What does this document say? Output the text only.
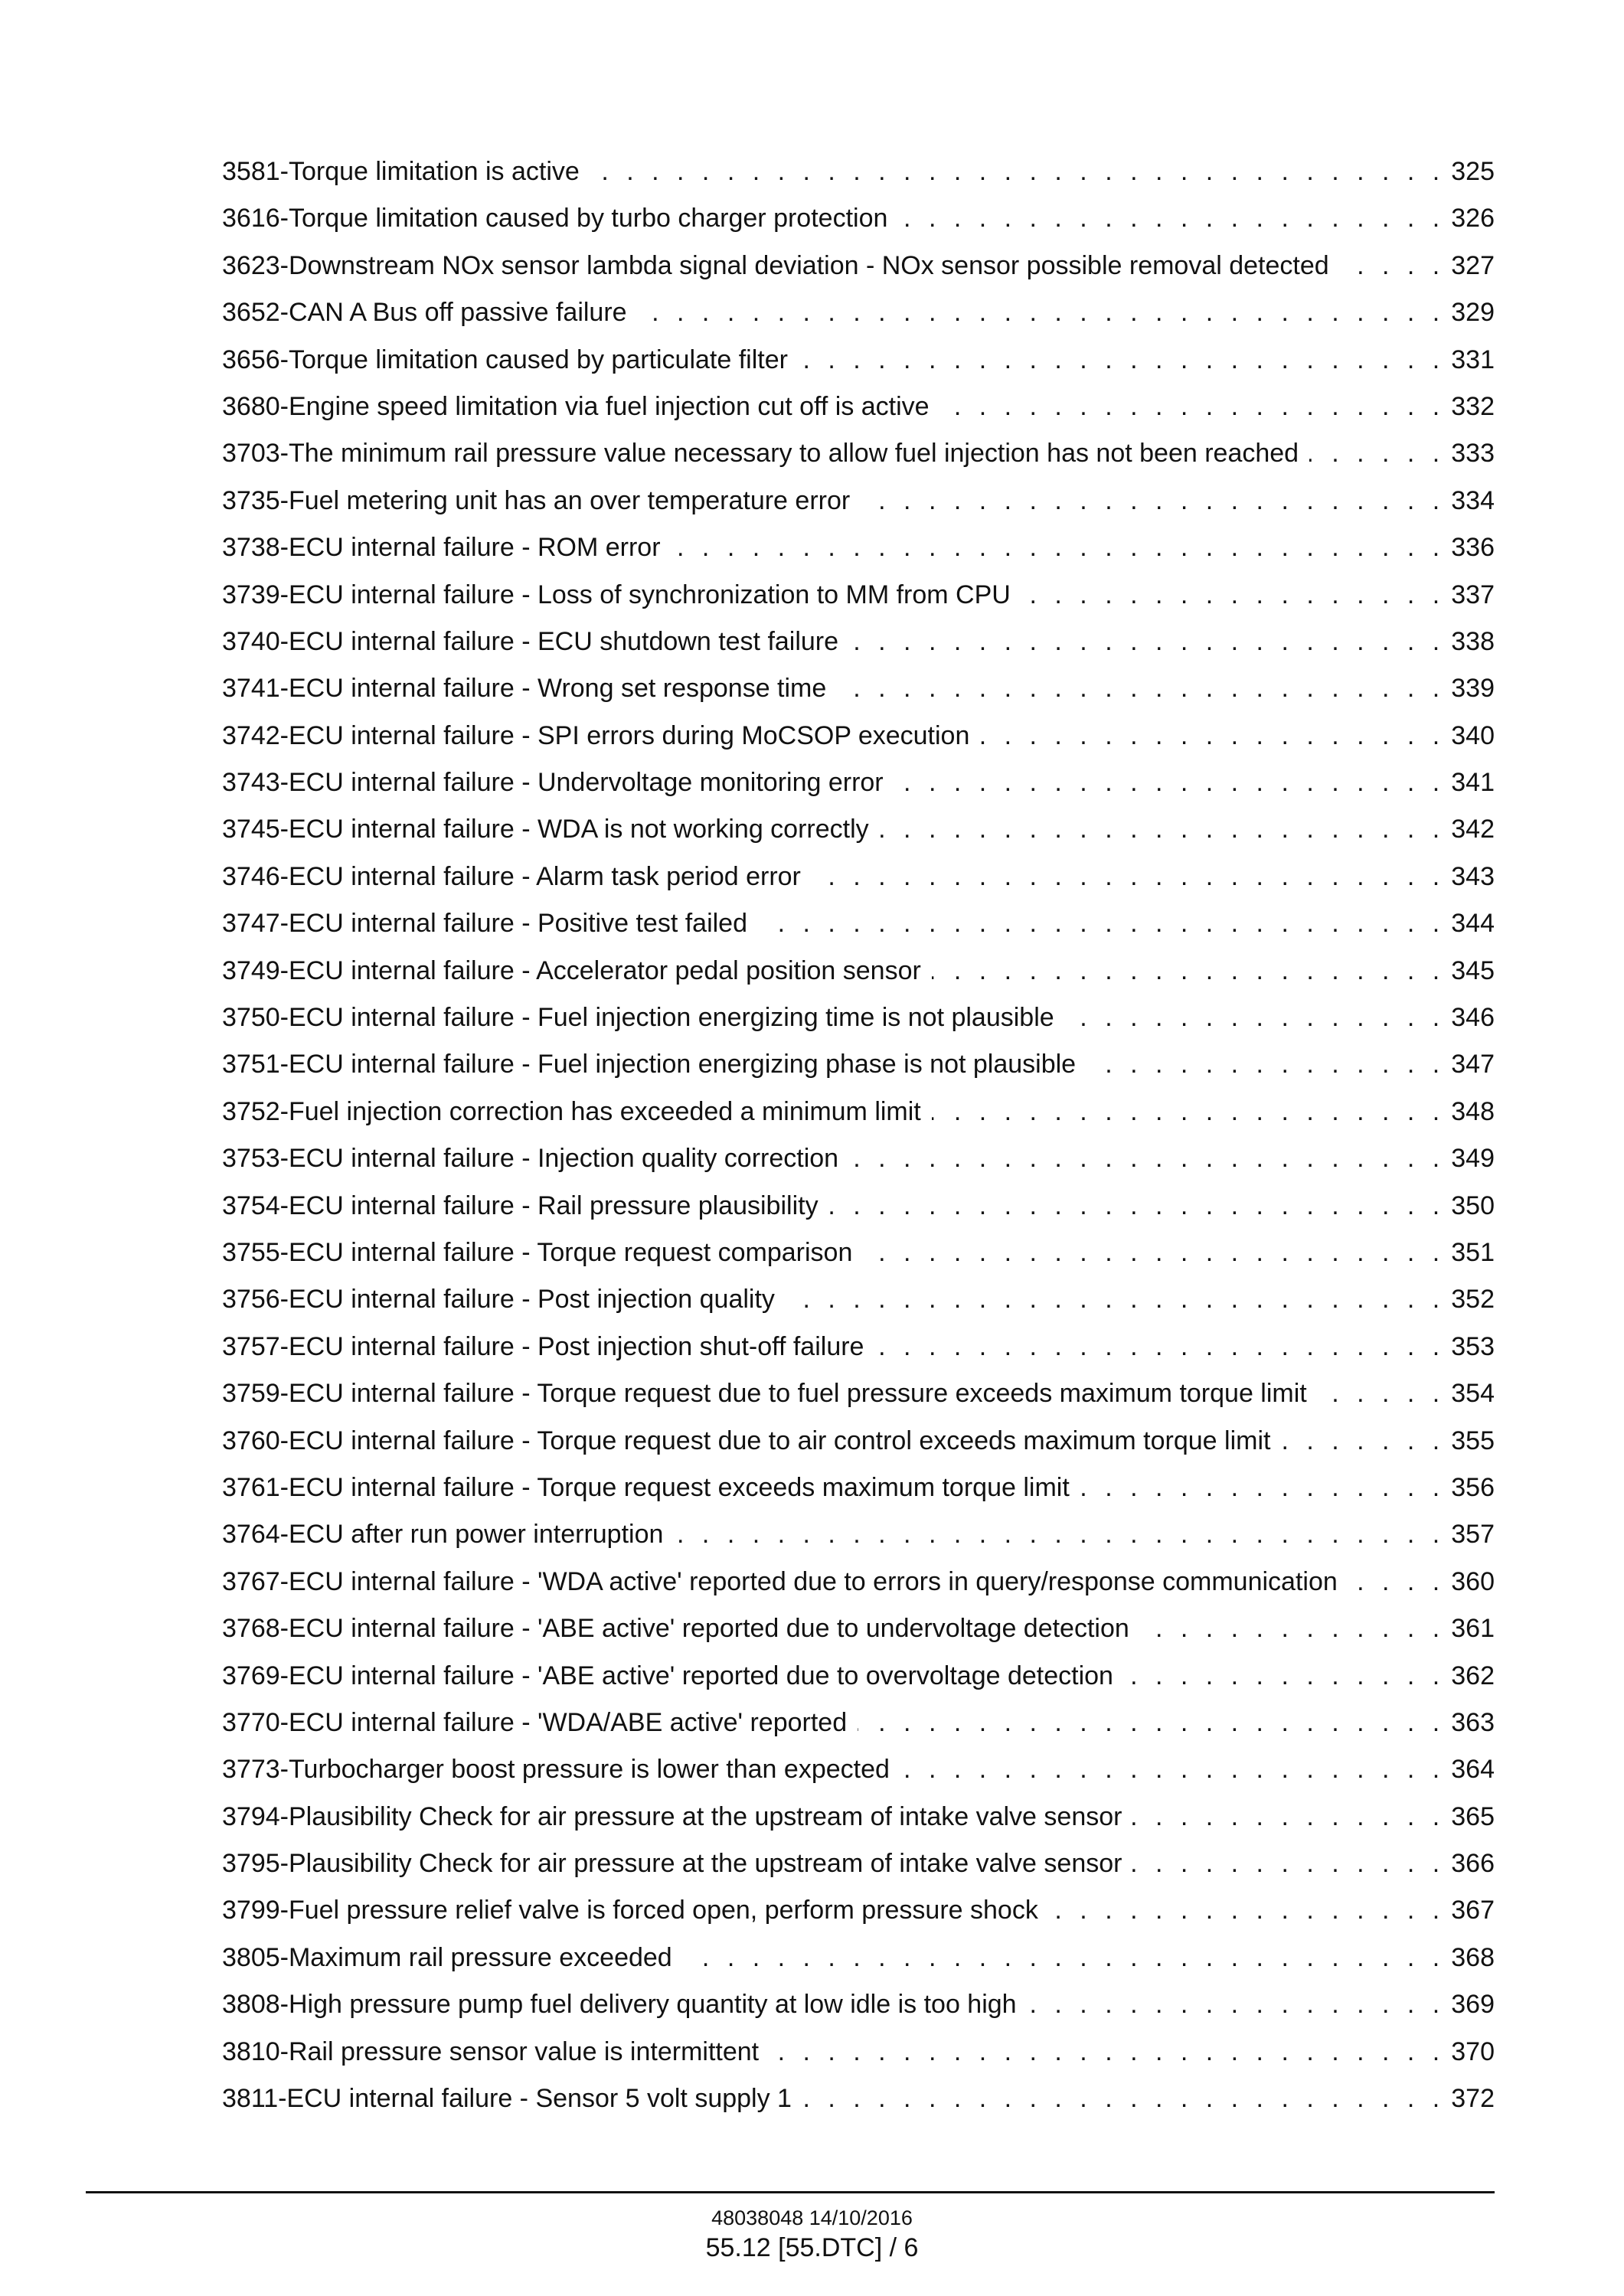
3581-Torque limitation is active . . .	325
3616-Torque limitation caused by turbo charger protection . . .	326
3623-Downstream NOx sensor lambda signal deviation - NOx sensor possible removal detected . . .	327
3652-CAN A Bus off passive failure . . .	329
3656-Torque limitation caused by particulate filter . . .	331
3680-Engine speed limitation via fuel injection cut off is active . . .	332
3703-The minimum rail pressure value necessary to allow fuel injection has not been reached . . .	333
3735-Fuel metering unit has an over temperature error . . .	334
3738-ECU internal failure - ROM error . . .	336
3739-ECU internal failure - Loss of synchronization to MM from CPU . . .	337
3740-ECU internal failure - ECU shutdown test failure . . .	338
3741-ECU internal failure - Wrong set response time . . .	339
3742-ECU internal failure - SPI errors during MoCSOP execution . . .	340
3743-ECU internal failure - Undervoltage monitoring error . . .	341
3745-ECU internal failure - WDA is not working correctly . . .	342
3746-ECU internal failure - Alarm task period error . . .	343
3747-ECU internal failure - Positive test failed . . .	344
3749-ECU internal failure - Accelerator pedal position sensor . . .	345
3750-ECU internal failure - Fuel injection energizing time is not plausible . . .	346
3751-ECU internal failure - Fuel injection energizing phase is not plausible . . .	347
3752-Fuel injection correction has exceeded a minimum limit . . .	348
3753-ECU internal failure - Injection quality correction . . .	349
3754-ECU internal failure - Rail pressure plausibility . . .	350
3755-ECU internal failure - Torque request comparison . . .	351
3756-ECU internal failure - Post injection quality . . .	352
3757-ECU internal failure - Post injection shut-off failure . . .	353
3759-ECU internal failure - Torque request due to fuel pressure exceeds maximum torque limit . . .	354
3760-ECU internal failure - Torque request due to air control exceeds maximum torque limit . . .	355
3761-ECU internal failure - Torque request exceeds maximum torque limit . . .	356
3764-ECU after run power interruption . . .	357
3767-ECU internal failure - 'WDA active' reported due to errors in query/response communication . . .	360
3768-ECU internal failure - 'ABE active' reported due to undervoltage detection . . .	361
3769-ECU internal failure - 'ABE active' reported due to overvoltage detection . . .	362
3770-ECU internal failure - 'WDA/ABE active' reported . . .	363
3773-Turbocharger boost pressure is lower than expected . . .	364
3794-Plausibility Check for air pressure at the upstream of intake valve sensor . . .	365
3795-Plausibility Check for air pressure at the upstream of intake valve sensor . . .	366
3799-Fuel pressure relief valve is forced open, perform pressure shock . . .	367
3805-Maximum rail pressure exceeded . . .	368
3808-High pressure pump fuel delivery quantity at low idle is too high . . .	369
3810-Rail pressure sensor value is intermittent . . .	370
3811-ECU internal failure - Sensor 5 volt supply 1 . . .	372
48038048 14/10/2016
55.12 [55.DTC] / 6
